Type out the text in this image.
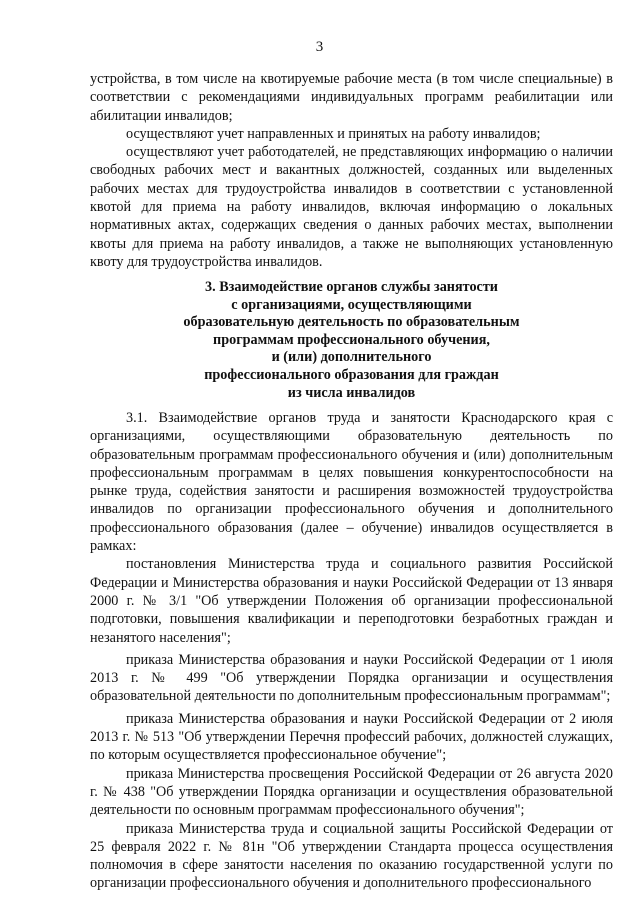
3

устройства, в том числе на квотируемые рабочие места (в том числе специальные) в соответствии с рекомендациями индивидуальных программ реабилитации или абилитации инвалидов;

осуществляют учет направленных и принятых на работу инвалидов;

осуществляют учет работодателей, не представляющих информацию о наличии свободных рабочих мест и вакантных должностей, созданных или выделенных рабочих местах для трудоустройства инвалидов в соответствии с установленной квотой для приема на работу инвалидов, включая информацию о локальных нормативных актах, содержащих сведения о данных рабочих местах, выполнении квоты для приема на работу инвалидов, а также не выполняющих установленную квоту для трудоустройства инвалидов.

3. Взаимодействие органов службы занятости
с организациями, осуществляющими
образовательную деятельность по образовательным
программам профессионального обучения,
и (или) дополнительного
профессионального образования для граждан
из числа инвалидов

3.1. Взаимодействие органов труда и занятости Краснодарского края с организациями, осуществляющими образовательную деятельность по образовательным программам профессионального обучения и (или) дополнительным профессиональным программам в целях повышения конкурентоспособности на рынке труда, содействия занятости и расширения возможностей трудоустройства инвалидов по организации профессионального обучения и дополнительного профессионального образования (далее – обучение) инвалидов осуществляется в рамках:

постановления Министерства труда и социального развития Российской Федерации и Министерства образования и науки Российской Федерации от 13 января 2000 г. № 3/1 "Об утверждении Положения об организации профессиональной подготовки, повышения квалификации и переподготовки безработных граждан и незанятого населения";

приказа Министерства образования и науки Российской Федерации от 1 июля 2013 г. № 499 "Об утверждении Порядка организации и осуществления образовательной деятельности по дополнительным профессиональным программам";

приказа Министерства образования и науки Российской Федерации от 2 июля 2013 г. № 513 "Об утверждении Перечня профессий рабочих, должностей служащих, по которым осуществляется профессиональное обучение";

приказа Министерства просвещения Российской Федерации от 26 августа 2020 г. № 438 "Об утверждении Порядка организации и осуществления образовательной деятельности по основным программам профессионального обучения";

приказа Министерства труда и социальной защиты Российской Федерации от 25 февраля 2022 г. № 81н "Об утверждении Стандарта процесса осуществления полномочия в сфере занятости населения по оказанию государственной услуги по организации профессионального обучения и дополнительного профессионального
